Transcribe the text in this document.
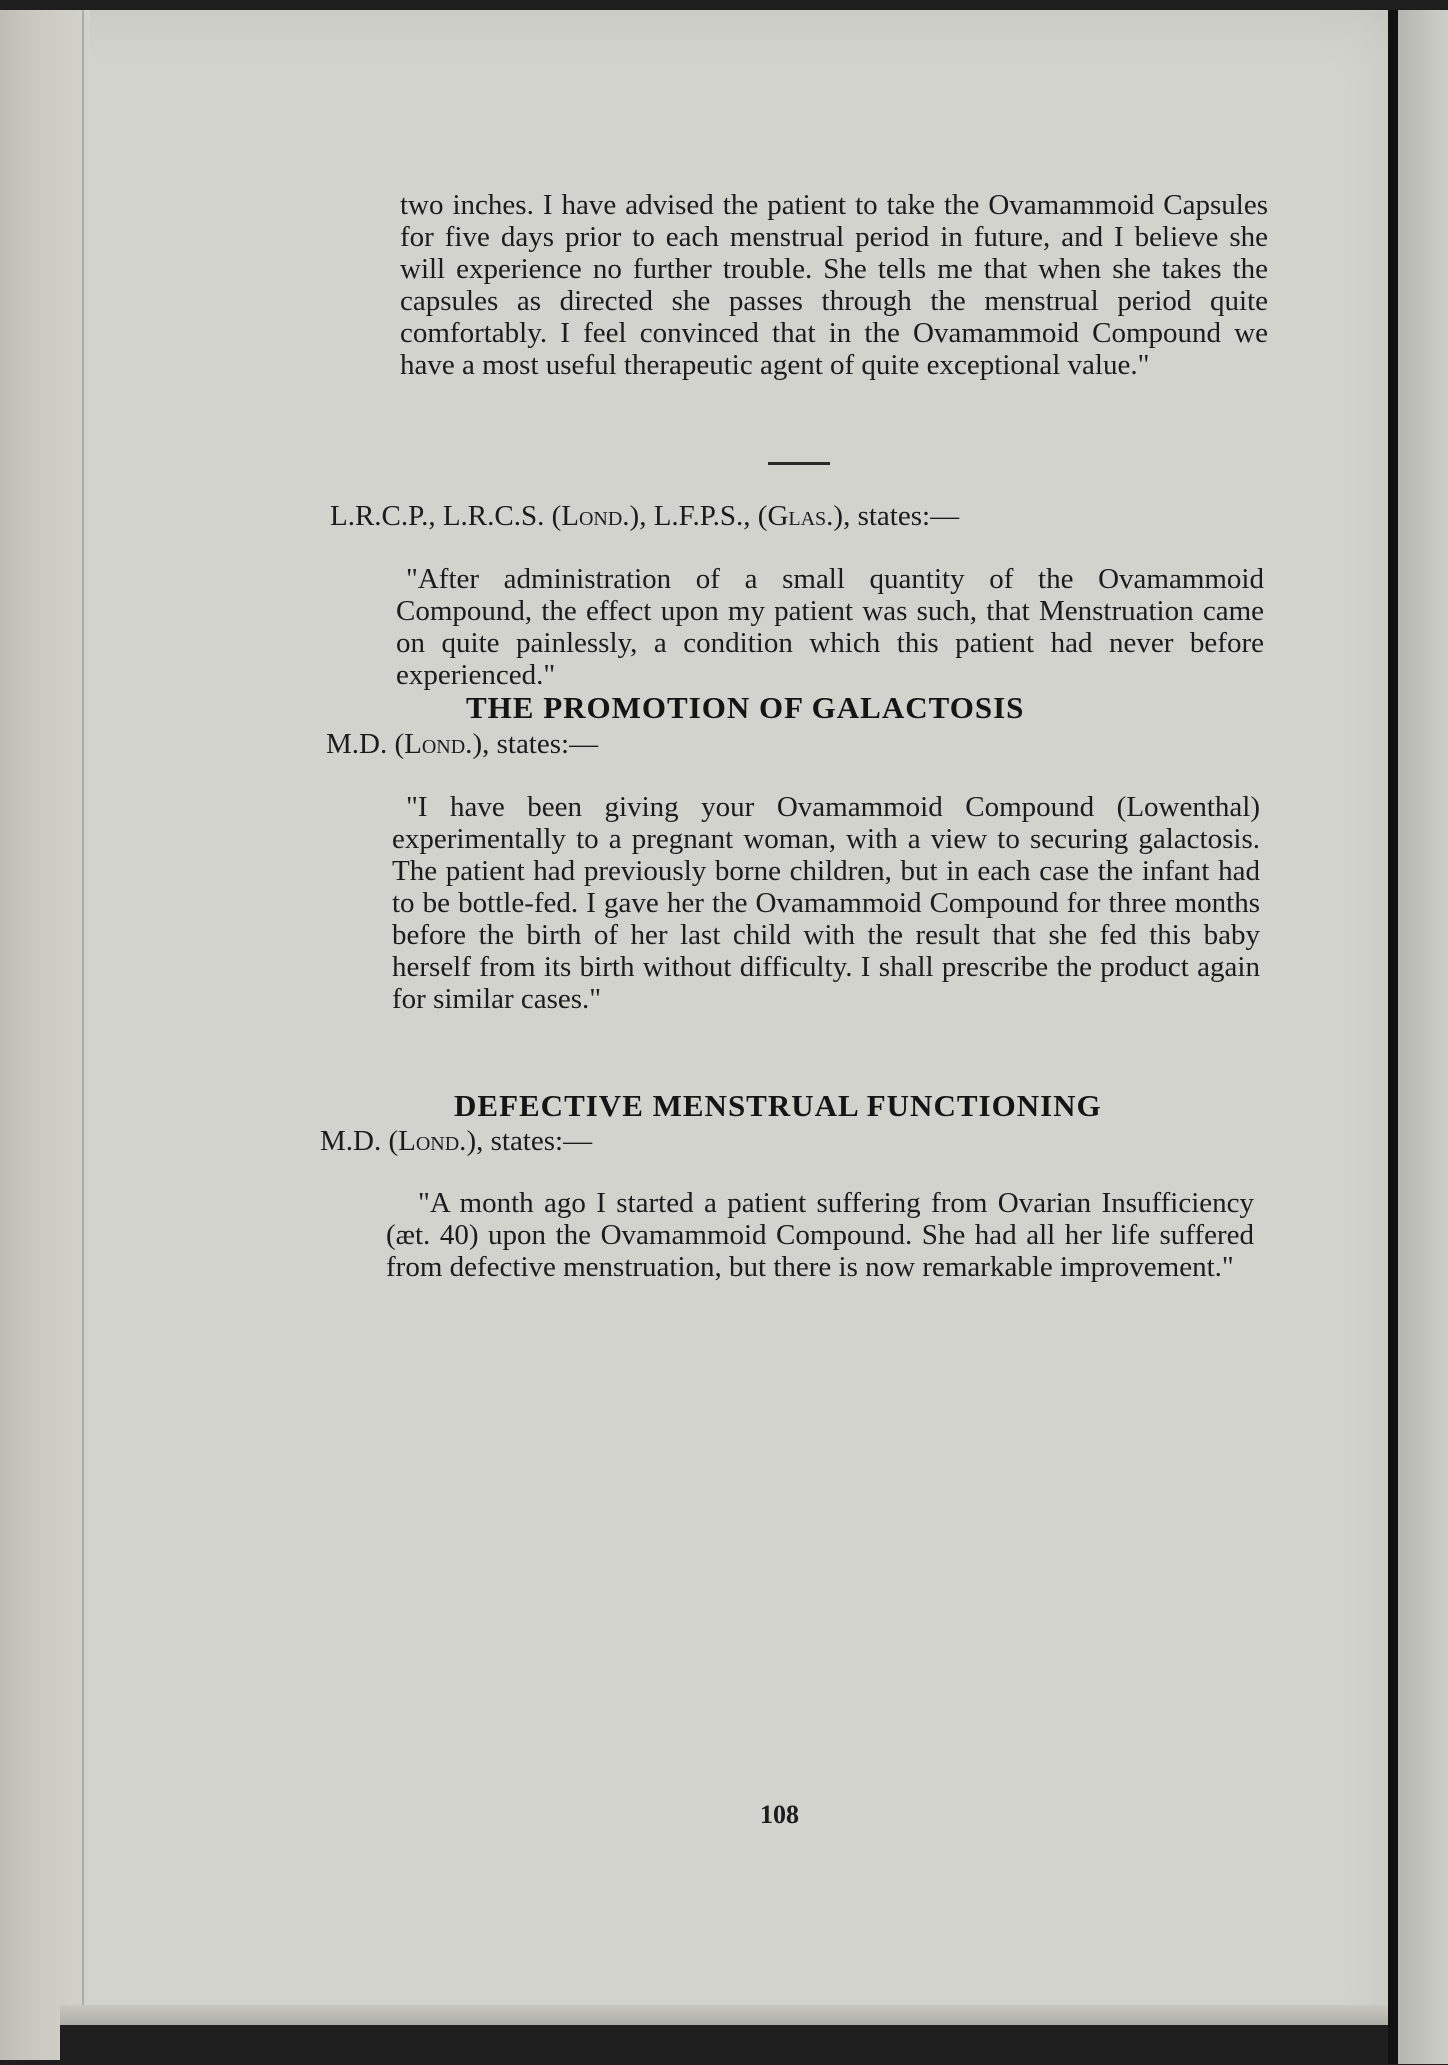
two inches. I have advised the patient to take the Ovamammoid Capsules for five days prior to each menstrual period in future, and I believe she will experience no further trouble. She tells me that when she takes the capsules as directed she passes through the menstrual period quite comfortably. I feel convinced that in the Ovamammoid Compound we have a most useful therapeutic agent of quite exceptional value."

L.R.C.P., L.R.C.S. (Lond.), L.F.P.S., (Glas.), states:—

"After administration of a small quantity of the Ovamammoid Compound, the effect upon my patient was such, that Menstruation came on quite painlessly, a condition which this patient had never before experienced."

THE PROMOTION OF GALACTOSIS
M.D. (Lond.), states:—

"I have been giving your Ovamammoid Compound (Lowenthal) experimentally to a pregnant woman, with a view to securing galactosis. The patient had previously borne children, but in each case the infant had to be bottle-fed. I gave her the Ovamammoid Compound for three months before the birth of her last child with the result that she fed this baby herself from its birth without difficulty. I shall prescribe the product again for similar cases."

DEFECTIVE MENSTRUAL FUNCTIONING
M.D. (Lond.), states:—

"A month ago I started a patient suffering from Ovarian Insufficiency (æt. 40) upon the Ovamammoid Compound. She had all her life suffered from defective menstruation, but there is now remarkable improvement."

108
